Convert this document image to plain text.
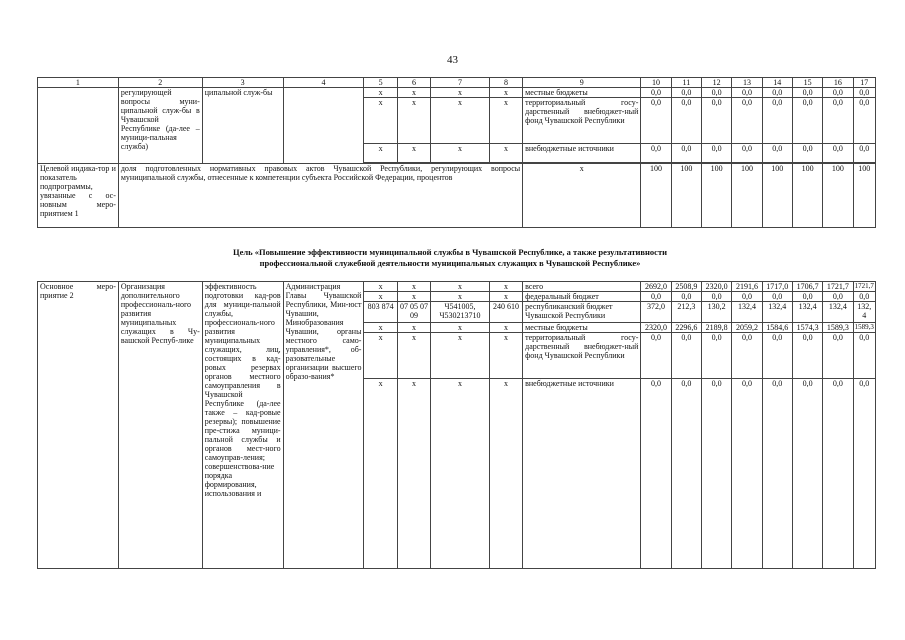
43
1	2	3	4	5	6	7	8	9	10	11	12	13	14	15	16	17
	регулирующей вопросы муни-ципальной служ-бы в Чувашской Республике (да-лее – муници-пальная служба)	ципальной служ-бы		x	x	x	x	местные бюджеты	0,0	0,0	0,0	0,0	0,0	0,0	0,0	0,0
				x	x	x	x	территориальный госу-дарственный внебюджет-ный фонд Чувашской Республики	0,0	0,0	0,0	0,0	0,0	0,0	0,0	0,0
				x	x	x	x	внебюджетные источники	0,0	0,0	0,0	0,0	0,0	0,0	0,0	0,0

Целевой индика-тор и показатель подпрограммы, увязанные с ос-новным меро-приятием 1	доля подготовленных нормативных правовых актов Чувашской Республики, регулирующих вопросы муниципальной службы, отнесенные к компетенции субъекта Российской Федерации, процентов							x	100	100	100	100	100	100	100	100
Цель «Повышение эффективности муниципальной службы в Чувашской Республике, а также результативности
профессиональной служебной деятельности муниципальных служащих в Чувашской Республике»
Основное меро-приятие 2	Организация дополнительного профессиональ-ного развития муниципальных служащих в Чу-вашской Респуб-лике	эффективность подготовки кад-ров для муници-пальной службы, профессиональ-ного развития муниципальных служащих, лиц, состоящих в кад-ровых резервах органов местного самоуправления в Чувашской Республике (да-лее также – кад-ровые резервы); повышение пре-стижа муници-пальной службы и органов мест-ного самоуправ-ления; совершенствова-ние порядка формирования, использования и	Администрация Главы Чувашской Республики, Мин-юст Чувашии, Минобразования Чувашии, органы местного само-управления*, об-разовательные организации высшего образо-вания*	x	x	x	x	всего	2692,0	2508,9	2320,0	2191,6	1717,0	1706,7	1721,7	1721,7
				x	x	x	x	федеральный бюджет	0,0	0,0	0,0	0,0	0,0	0,0	0,0	0,0
				803 874	07 05 07 09	Ч541005, Ч530213710	240 610	республиканский бюджет Чувашской Республики	372,0	212,3	130,2	132,4	132,4	132,4	132,4	132,4
				x	x	x	x	местные бюджеты	2320,0	2296,6	2189,8	2059,2	1584,6	1574,3	1589,3	1589,3
				x	x	x	x	территориальный госу-дарственный внебюджет-ный фонд Чувашской Республики	0,0	0,0	0,0	0,0	0,0	0,0	0,0	0,0
				x	x	x	x	внебюджетные источники	0,0	0,0	0,0	0,0	0,0	0,0	0,0	0,0
